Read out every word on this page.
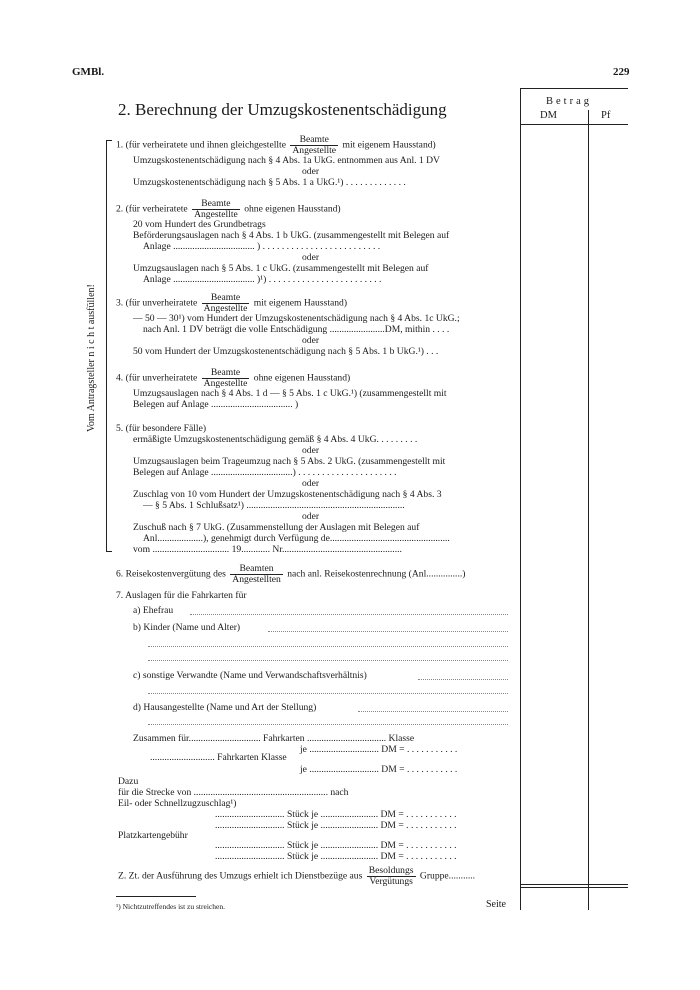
GMBl.	229
2. Berechnung der Umzugskostenentschädigung	Betrag
DM	Pf
Vom Antragsteller n i c h t ausfüllen!
1. (für verheiratete und ihnen gleichgestellte $\frac{\text{Beamte}}{\text{Angestellte}}$ mit eigenem Hausstand)
Umzugskostenentschädigung nach § 4 Abs. 1a UkG. entnommen aus Anl. 1 DV
oder
Umzugskostenentschädigung nach § 5 Abs. 1 a UkG.¹) . . . . . . . . . . . . .
2. (für verheiratete $\frac{\text{Beamte}}{\text{Angestellte}}$ ohne eigenen Hausstand)
20 vom Hundert des Grundbetrags
Beförderungsauslagen nach § 4 Abs. 1 b UkG. (zusammengestellt mit Belegen auf
Anlage .................................. ) . . . . . . . . . . . . . . . . . . . . . . . . .
oder
Umzugsauslagen nach § 5 Abs. 1 c UkG. (zusammengestellt mit Belegen auf
Anlage .................................. )¹) . . . . . . . . . . . . . . . . . . . . . . . .
3. (für unverheiratete $\frac{\text{Beamte}}{\text{Angestellte}}$ mit eigenem Hausstand)
— 50 — 30¹) vom Hundert der Umzugskostenentschädigung nach § 4 Abs. 1c UkG.;
nach Anl. 1 DV beträgt die volle Entschädigung .......................DM, mithin . . . .
oder
50 vom Hundert der Umzugskostenentschädigung nach § 5 Abs. 1 b UkG.¹) . . .
4. (für unverheiratete $\frac{\text{Beamte}}{\text{Angestellte}}$ ohne eigenen Hausstand)
Umzugsauslagen nach § 4 Abs. 1 d — § 5 Abs. 1 c UkG.¹) (zusammengestellt mit
Belegen auf Anlage .................................. )
5. (für besondere Fälle)
ermäßigte Umzugskostenentschädigung gemäß § 4 Abs. 4 UkG. . . . . . . . .
oder
Umzugsauslagen beim Trageumzug nach § 5 Abs. 2 UkG. (zusammengestellt mit
Belegen auf Anlage ..................................) . . . . . . . . . . . . . . . . . . . . .
oder
Zuschlag von 10 vom Hundert der Umzugskostenentschädigung nach § 4 Abs. 3
— § 5 Abs. 1 Schlußsatz¹) ..................................................................
oder
Zuschuß nach § 7 UkG. (Zusammenstellung der Auslagen mit Belegen auf
Anl...................), genehmigt durch Verfügung de..................................................
vom ................................ 19............ Nr..................................................
6. Reisekostenvergütung des $\frac{\text{Beamten}}{\text{Angestellten}}$ nach anl. Reisekostenrechnung (Anl...............)
7. Auslagen für die Fahrkarten für
a) Ehefrau
b) Kinder (Name und Alter)
c) sonstige Verwandte (Name und Verwandschaftsverhältnis)
d) Hausangestellte (Name und Art der Stellung)
Zusammen für.............................. Fahrkarten ................................. Klasse
je ............................. DM = . . . . . . . . . . .
........................... Fahrkarten Klasse
je ............................. DM = . . . . . . . . . . .
Dazu
für die Strecke von ........................................................ nach
Eil- oder Schnellzugzuschlag¹)
............................. Stück je ........................ DM = . . . . . . . . . . .
............................. Stück je ........................ DM = . . . . . . . . . . .
Platzkartengebühr
............................. Stück je ........................ DM = . . . . . . . . . . .
............................. Stück je ........................ DM = . . . . . . . . . . .
Z. Zt. der Ausführung des Umzugs erhielt ich Dienstbezüge aus $\frac{\text{Besoldungs}}{\text{Vergütungs}}$ Gruppe...........
¹) Nichtzutreffendes ist zu streichen.	Seite
